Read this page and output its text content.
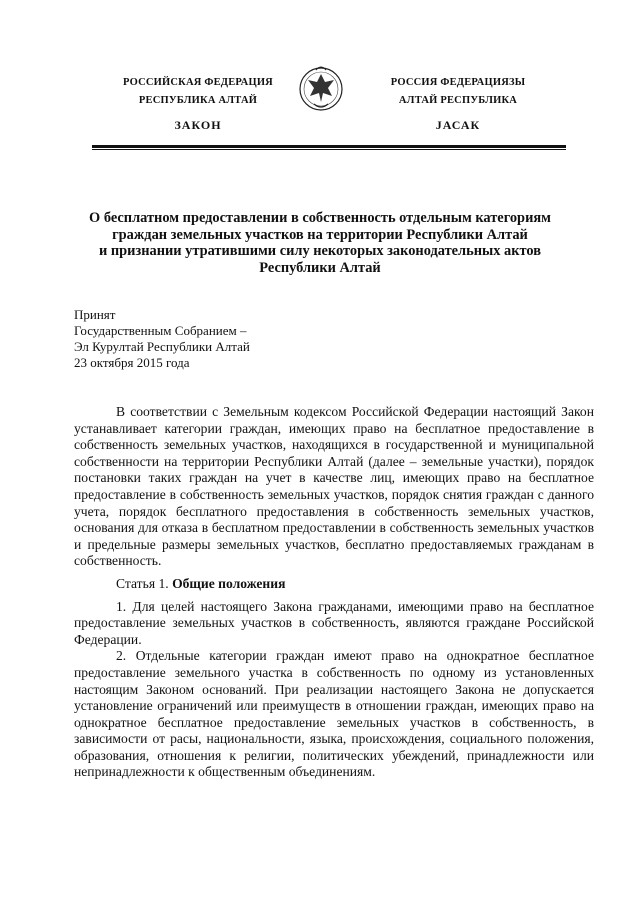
РОССИЙСКАЯ ФЕДЕРАЦИЯ
РЕСПУБЛИКА АЛТАЙ
ЗАКОН
РОССИЯ ФЕДЕРАЦИЯЗЫ
АЛТАЙ РЕСПУБЛИКА
ЈАСАК
О бесплатном предоставлении в собственность отдельным категориям
граждан земельных участков на территории Республики Алтай
и признании утратившими силу некоторых законодательных актов
Республики Алтай
Принят
Государственным Собранием –
Эл Курултай Республики Алтай
23 октября 2015 года

В соответствии с Земельным кодексом Российской Федерации настоящий Закон устанавливает категории граждан, имеющих право на бесплатное предоставление в собственность земельных участков, находящихся в государственной и муниципальной собственности на территории Республики Алтай (далее – земельные участки), порядок постановки таких граждан на учет в качестве лиц, имеющих право на бесплатное предоставление в собственность земельных участков, порядок снятия граждан с данного учета, порядок бесплатного предоставления в собственность земельных участков, основания для отказа в бесплатном предоставлении в собственность земельных участков и предельные размеры земельных участков, бесплатно предоставляемых гражданам в собственность.

Статья 1. Общие положения

1. Для целей настоящего Закона гражданами, имеющими право на бесплатное предоставление земельных участков в собственность, являются граждане Российской Федерации.

2. Отдельные категории граждан имеют право на однократное бесплатное предоставление земельного участка в собственность по одному из установленных настоящим Законом оснований. При реализации настоящего Закона не допускается установление ограничений или преимуществ в отношении граждан, имеющих право на однократное бесплатное предоставление земельных участков в собственность, в зависимости от расы, национальности, языка, происхождения, социального положения, образования, отношения к религии, политических убеждений, принадлежности или непринадлежности к общественным объединениям.
